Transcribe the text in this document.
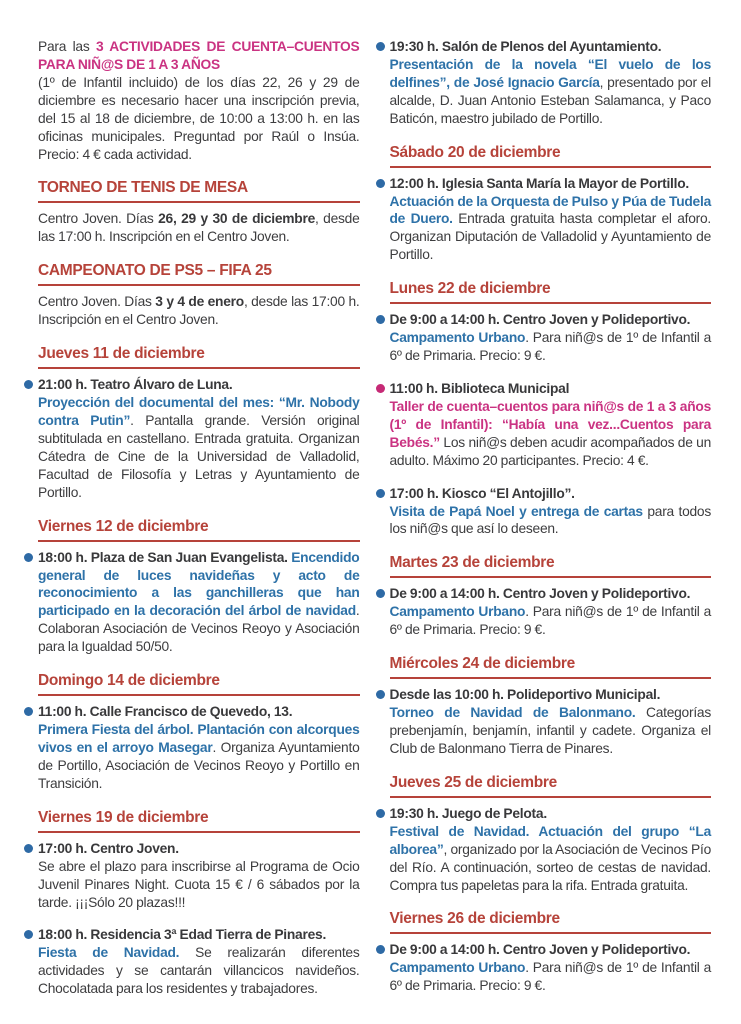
Para las 3 ACTIVIDADES DE CUENTA–CUENTOS PARA NIÑ@S DE 1 A 3 AÑOS
(1º de Infantil incluido) de los días 22, 26 y 29 de diciembre es necesario hacer una inscripción previa, del 15 al 18 de diciembre, de 10:00 a 13:00 h. en las oficinas municipales. Preguntad por Raúl o Insúa. Precio: 4 € cada actividad.

TORNEO DE TENIS DE MESA

Centro Joven. Días 26, 29 y 30 de diciembre, desde las 17:00 h. Inscripción en el Centro Joven.

CAMPEONATO DE PS5 – FIFA 25

Centro Joven. Días 3 y 4 de enero, desde las 17:00 h. Inscripción en el Centro Joven.

Jueves 11 de diciembre

21:00 h. Teatro Álvaro de Luna.
Proyección del documental del mes: “Mr. Nobody contra Putin”. Pantalla grande. Versión original subtitulada en castellano. Entrada gratuita. Organizan Cátedra de Cine de la Universidad de Valladolid, Facultad de Filosofía y Letras y Ayuntamiento de Portillo.

Viernes 12 de diciembre

18:00 h. Plaza de San Juan Evangelista. Encendido general de luces navideñas y acto de reconocimiento a las ganchilleras que han participado en la decoración del árbol de navidad. Colaboran Asociación de Vecinos Reoyo y Asociación para la Igualdad 50/50.

Domingo 14 de diciembre

11:00 h. Calle Francisco de Quevedo, 13.
Primera Fiesta del árbol. Plantación con alcorques vivos en el arroyo Masegar. Organiza Ayuntamiento de Portillo, Asociación de Vecinos Reoyo y Portillo en Transición.

Viernes 19 de diciembre

17:00 h. Centro Joven.
Se abre el plazo para inscribirse al Programa de Ocio Juvenil Pinares Night. Cuota 15 € / 6 sábados por la tarde. ¡¡¡Sólo 20 plazas!!!

18:00 h. Residencia 3ª Edad Tierra de Pinares.
Fiesta de Navidad. Se realizarán diferentes actividades y se cantarán villancicos navideños. Chocolatada para los residentes y trabajadores.

19:30 h. Salón de Plenos del Ayuntamiento.
Presentación de la novela “El vuelo de los delfines”, de José Ignacio García, presentado por el alcalde, D. Juan Antonio Esteban Salamanca, y Paco Baticón, maestro jubilado de Portillo.

Sábado 20 de diciembre

12:00 h. Iglesia Santa María la Mayor de Portillo.
Actuación de la Orquesta de Pulso y Púa de Tudela de Duero. Entrada gratuita hasta completar el aforo. Organizan Diputación de Valladolid y Ayuntamiento de Portillo.

Lunes 22 de diciembre

De 9:00 a 14:00 h. Centro Joven y Polideportivo.
Campamento Urbano. Para niñ@s de 1º de Infantil a 6º de Primaria. Precio: 9 €.

11:00 h. Biblioteca Municipal
Taller de cuenta–cuentos para niñ@s de 1 a 3 años (1º de Infantil): “Había una vez...Cuentos para Bebés.” Los niñ@s deben acudir acompañados de un adulto. Máximo 20 participantes. Precio: 4 €.

17:00 h. Kiosco “El Antojillo”.
Visita de Papá Noel y entrega de cartas para todos los niñ@s que así lo deseen.

Martes 23 de diciembre

De 9:00 a 14:00 h. Centro Joven y Polideportivo.
Campamento Urbano. Para niñ@s de 1º de Infantil a 6º de Primaria. Precio: 9 €.

Miércoles 24 de diciembre

Desde las 10:00 h. Polideportivo Municipal.
Torneo de Navidad de Balonmano. Categorías prebenjamín, benjamín, infantil y cadete. Organiza el Club de Balonmano Tierra de Pinares.

Jueves 25 de diciembre

19:30 h. Juego de Pelota.
Festival de Navidad. Actuación del grupo “La alborea”, organizado por la Asociación de Vecinos Pío del Río. A continuación, sorteo de cestas de navidad. Compra tus papeletas para la rifa. Entrada gratuita.

Viernes 26 de diciembre

De 9:00 a 14:00 h. Centro Joven y Polideportivo.
Campamento Urbano. Para niñ@s de 1º de Infantil a 6º de Primaria. Precio: 9 €.
